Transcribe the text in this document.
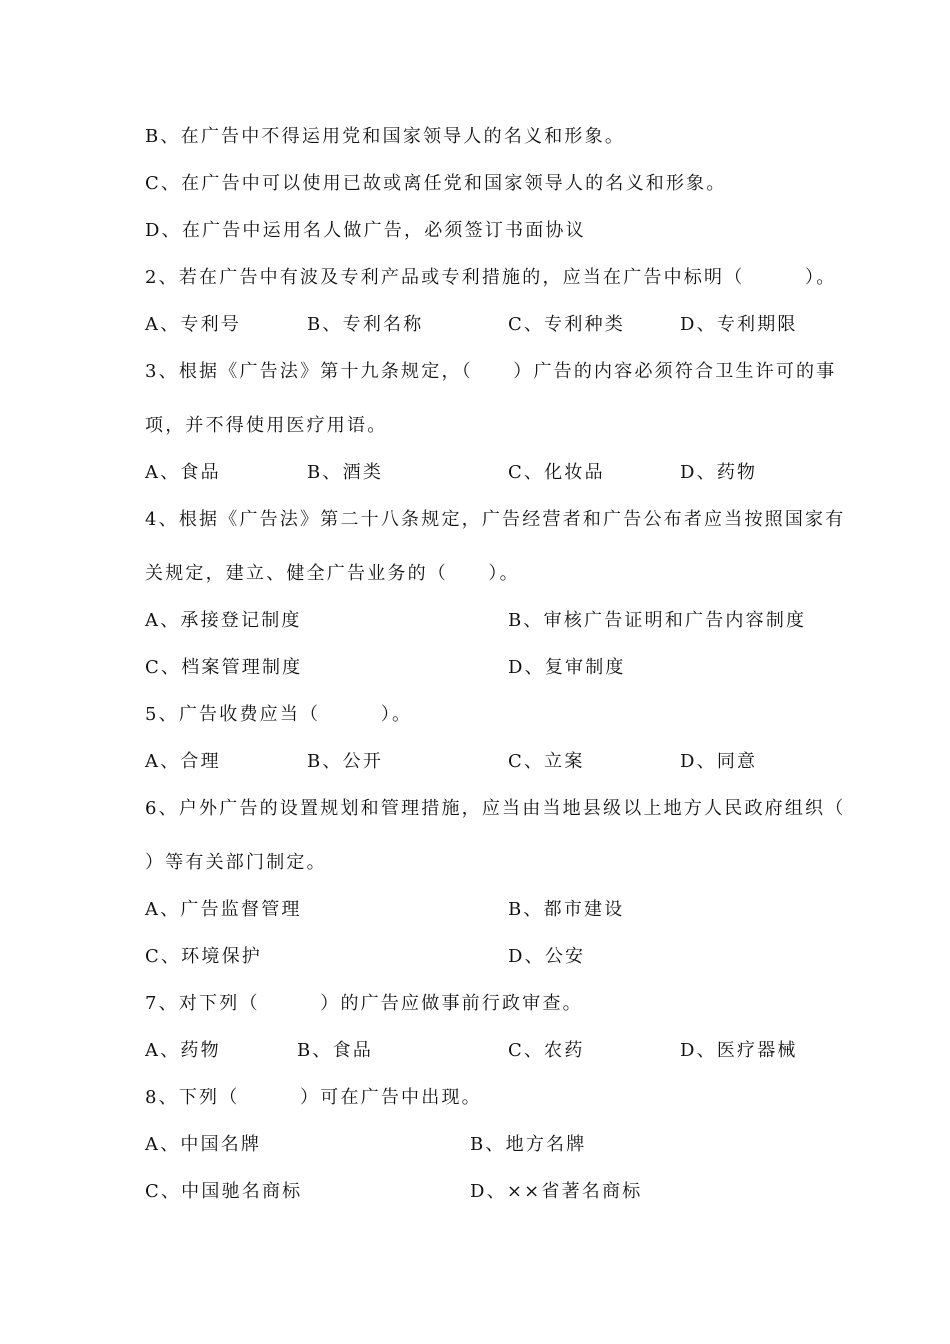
B、在广告中不得运用党和国家领导人的名义和形象。
C、在广告中可以使用已故或离任党和国家领导人的名义和形象。
D、在广告中运用名人做广告，必须签订书面协议
2、若在广告中有波及专利产品或专利措施的，应当在广告中标明（　　　）。
A、专利号	B、专利名称	C、专利种类	D、专利期限
3、根据《广告法》第十九条规定，（　　）广告的内容必须符合卫生许可的事
项，并不得使用医疗用语。
A、食品	B、酒类	C、化妆品	D、药物
4、根据《广告法》第二十八条规定，广告经营者和广告公布者应当按照国家有
关规定，建立、健全广告业务的（　　）。
A、承接登记制度	B、审核广告证明和广告内容制度
C、档案管理制度	D、复审制度
5、广告收费应当（　　　）。
A、合理	B、公开	C、立案	D、同意
6、户外广告的设置规划和管理措施，应当由当地县级以上地方人民政府组织（
）等有关部门制定。
A、广告监督管理	B、都市建设
C、环境保护	D、公安
7、对下列（　　　）的广告应做事前行政审查。
A、药物	B、食品	C、农药	D、医疗器械
8、下列（　　　）可在广告中出现。
A、中国名牌	B、地方名牌
C、中国驰名商标	D、××省著名商标
